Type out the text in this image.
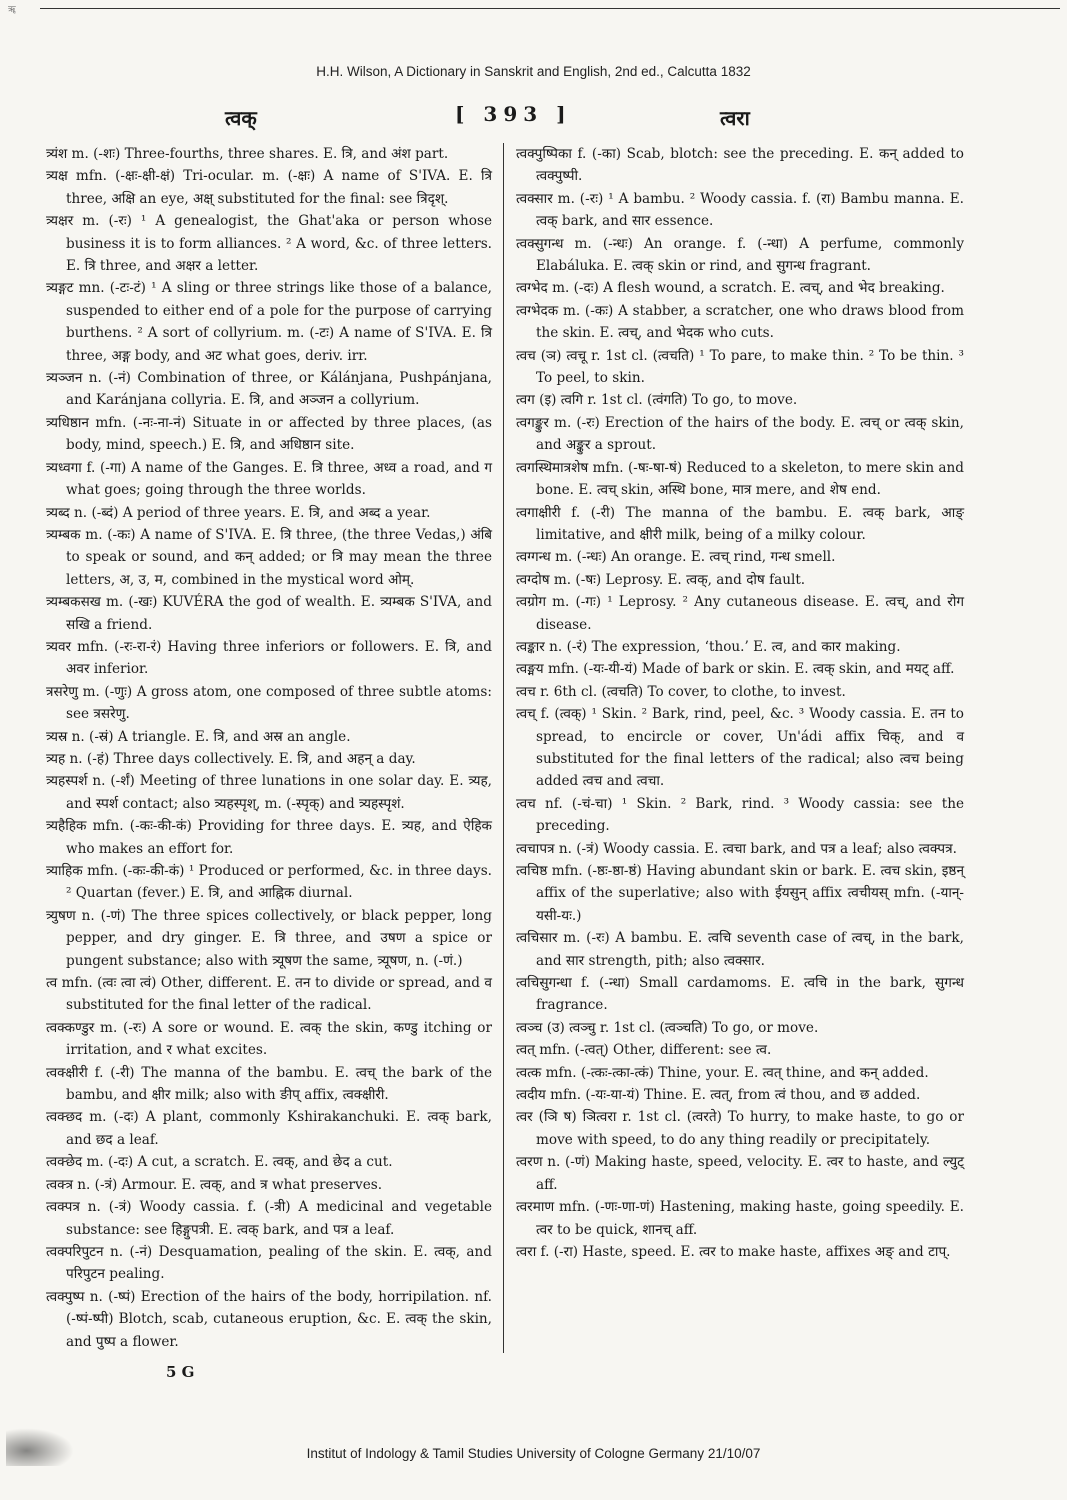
ॠ
H.H. Wilson, A Dictionary in Sanskrit and English, 2nd ed., Calcutta 1832
त्वक्	[ 393 ]	त्वरा

त्र्यंश m. (-शः) Three-fourths, three shares. E. त्रि, and अंश part.

त्र्यक्ष mfn. (-क्षः-क्षी-क्षं) Tri-ocular. m. (-क्षः) A name of S'IVA. E. त्रि three, अक्षि an eye, अक्ष् substituted for the final: see त्रिदृश्.

त्र्यक्षर m. (-रः) ¹ A genealogist, the Ghat'aka or person whose business it is to form alliances. ² A word, &c. of three letters. E. त्रि three, and अक्षर a letter.

त्र्यङ्गट mn. (-टः-टं) ¹ A sling or three strings like those of a balance, suspended to either end of a pole for the purpose of carrying burthens. ² A sort of collyrium. m. (-टः) A name of S'IVA. E. त्रि three, अङ्ग body, and अट what goes, deriv. irr.

त्र्यञ्जन n. (-नं) Combination of three, or Kálánjana, Pushpánjana, and Karánjana collyria. E. त्रि, and अञ्जन a collyrium.

त्र्यधिष्ठान mfn. (-नः-ना-नं) Situate in or affected by three places, (as body, mind, speech.) E. त्रि, and अधिष्ठान site.

त्र्यध्वगा f. (-गा) A name of the Ganges. E. त्रि three, अध्व a road, and ग what goes; going through the three worlds.

त्र्यब्द n. (-ब्दं) A period of three years. E. त्रि, and अब्द a year.

त्र्यम्बक m. (-कः) A name of S'IVA. E. त्रि three, (the three Vedas,) अंबि to speak or sound, and कन् added; or त्रि may mean the three letters, अ, उ, म, combined in the mystical word ओम्.

त्र्यम्बकसख m. (-खः) KUVÉRA the god of wealth. E. त्र्यम्बक S'IVA, and सखि a friend.

त्र्यवर mfn. (-रः-रा-रं) Having three inferiors or followers. E. त्रि, and अवर inferior.

त्रसरेणु m. (-णुः) A gross atom, one composed of three subtle atoms: see त्रसरेणु.

त्र्यस्र n. (-स्रं) A triangle. E. त्रि, and अस्र an angle.

त्र्यह n. (-हं) Three days collectively. E. त्रि, and अहन् a day.

त्र्यहस्पर्श n. (-र्शं) Meeting of three lunations in one solar day. E. त्र्यह, and स्पर्श contact; also त्र्यहस्पृश्, m. (-स्पृक्) and त्र्यहस्पृशं.

त्र्यहैहिक mfn. (-कः-की-कं) Providing for three days. E. त्र्यह, and ऐहिक who makes an effort for.

त्र्याहिक mfn. (-कः-की-कं) ¹ Produced or performed, &c. in three days. ² Quartan (fever.) E. त्रि, and आह्निक diurnal.

त्र्युषण n. (-णं) The three spices collectively, or black pepper, long pepper, and dry ginger. E. त्रि three, and उषण a spice or pungent substance; also with त्र्यूषण the same, त्र्यूषण, n. (-णं.)

त्व mfn. (त्वः त्वा त्वं) Other, different. E. तन to divide or spread, and व substituted for the final letter of the radical.

त्वक्कण्डुर m. (-रः) A sore or wound. E. त्वक् the skin, कण्डु itching or irritation, and र what excites.

त्वक्क्षीरी f. (-री) The manna of the bambu. E. त्वच् the bark of the bambu, and क्षीर milk; also with ङीप् affix, त्वक्क्षीरी.

त्वक्छद m. (-दः) A plant, commonly Kshirakanchuki. E. त्वक् bark, and छद a leaf.

त्वक्छेद m. (-दः) A cut, a scratch. E. त्वक्, and छेद a cut.

त्वक्त्र n. (-त्रं) Armour. E. त्वक्, and त्र what preserves.

त्वक्पत्र n. (-त्रं) Woody cassia. f. (-त्री) A medicinal and vegetable substance: see हिङ्गुपत्री. E. त्वक् bark, and पत्र a leaf.

त्वक्परिपुटन n. (-नं) Desquamation, pealing of the skin. E. त्वक्, and परिपुटन pealing.

त्वक्पुष्प n. (-ष्पं) Erection of the hairs of the body, horripilation. nf. (-ष्पं-ष्पी) Blotch, scab, cutaneous eruption, &c. E. त्वक् the skin, and पुष्प a flower.

त्वक्पुष्पिका f. (-का) Scab, blotch: see the preceding. E. कन् added to त्वक्पुष्पी.

त्वक्सार m. (-रः) ¹ A bambu. ² Woody cassia. f. (रा) Bambu manna. E. त्वक् bark, and सार essence.

त्वक्सुगन्ध m. (-न्धः) An orange. f. (-न्धा) A perfume, commonly Elabáluka. E. त्वक् skin or rind, and सुगन्ध fragrant.

त्वग्भेद m. (-दः) A flesh wound, a scratch. E. त्वच्, and भेद breaking.

त्वग्भेदक m. (-कः) A stabber, a scratcher, one who draws blood from the skin. E. त्वच्, and भेदक who cuts.

त्वच (ञ) त्वचू r. 1st cl. (त्वचति) ¹ To pare, to make thin. ² To be thin. ³ To peel, to skin.

त्वग (इ) त्वगि r. 1st cl. (त्वंगति) To go, to move.

त्वगङ्कुर m. (-रः) Erection of the hairs of the body. E. त्वच् or त्वक् skin, and अङ्कुर a sprout.

त्वगस्थिमात्रशेष mfn. (-षः-षा-षं) Reduced to a skeleton, to mere skin and bone. E. त्वच् skin, अस्थि bone, मात्र mere, and शेष end.

त्वगाक्षीरी f. (-री) The manna of the bambu. E. त्वक् bark, आङ् limitative, and क्षीरी milk, being of a milky colour.

त्वग्गन्ध m. (-न्धः) An orange. E. त्वच् rind, गन्ध smell.

त्वग्दोष m. (-षः) Leprosy. E. त्वक्, and दोष fault.

त्वग्रोग m. (-गः) ¹ Leprosy. ² Any cutaneous disease. E. त्वच्, and रोग disease.

त्वङ्कार n. (-रं) The expression, ‘thou.’ E. त्व, and कार making.

त्वङ्मय mfn. (-यः-यी-यं) Made of bark or skin. E. त्वक् skin, and मयट् aff.

त्वच r. 6th cl. (त्वचति) To cover, to clothe, to invest.

त्वच् f. (त्वक्) ¹ Skin. ² Bark, rind, peel, &c. ³ Woody cassia. E. तन to spread, to encircle or cover, Un'ádi affix चिक्, and व substituted for the final letters of the radical; also त्वच being added त्वच and त्वचा.

त्वच nf. (-चं-चा) ¹ Skin. ² Bark, rind. ³ Woody cassia: see the preceding.

त्वचापत्र n. (-त्रं) Woody cassia. E. त्वचा bark, and पत्र a leaf; also त्वक्पत्र.

त्वचिष्ठ mfn. (-ष्ठः-ष्ठा-ष्ठं) Having abundant skin or bark. E. त्वच skin, इष्ठन् affix of the superlative; also with ईयसुन् affix त्वचीयस् mfn. (-यान्-यसी-यः.)

त्वचिसार m. (-रः) A bambu. E. त्वचि seventh case of त्वच्, in the bark, and सार strength, pith; also त्वक्सार.

त्वचिसुगन्धा f. (-न्धा) Small cardamoms. E. त्वचि in the bark, सुगन्ध fragrance.

त्वञ्च (उ) त्वञ्चु r. 1st cl. (त्वञ्चति) To go, or move.

त्वत् mfn. (-त्वत्) Other, different: see त्व.

त्वत्क mfn. (-त्कः-त्का-त्कं) Thine, your. E. त्वत् thine, and कन् added.

त्वदीय mfn. (-यः-या-यं) Thine. E. त्वत्, from त्वं thou, and छ added.

त्वर (ञि ष) ञित्वरा r. 1st cl. (त्वरते) To hurry, to make haste, to go or move with speed, to do any thing readily or precipitately.

त्वरण n. (-णं) Making haste, speed, velocity. E. त्वर to haste, and ल्युट् aff.

त्वरमाण mfn. (-णः-णा-णं) Hastening, making haste, going speedily. E. त्वर to be quick, शानच् aff.

त्वरा f. (-रा) Haste, speed. E. त्वर to make haste, affixes अङ् and टाप्.

5 G
Institut of Indology & Tamil Studies University of Cologne Germany 21/10/07
